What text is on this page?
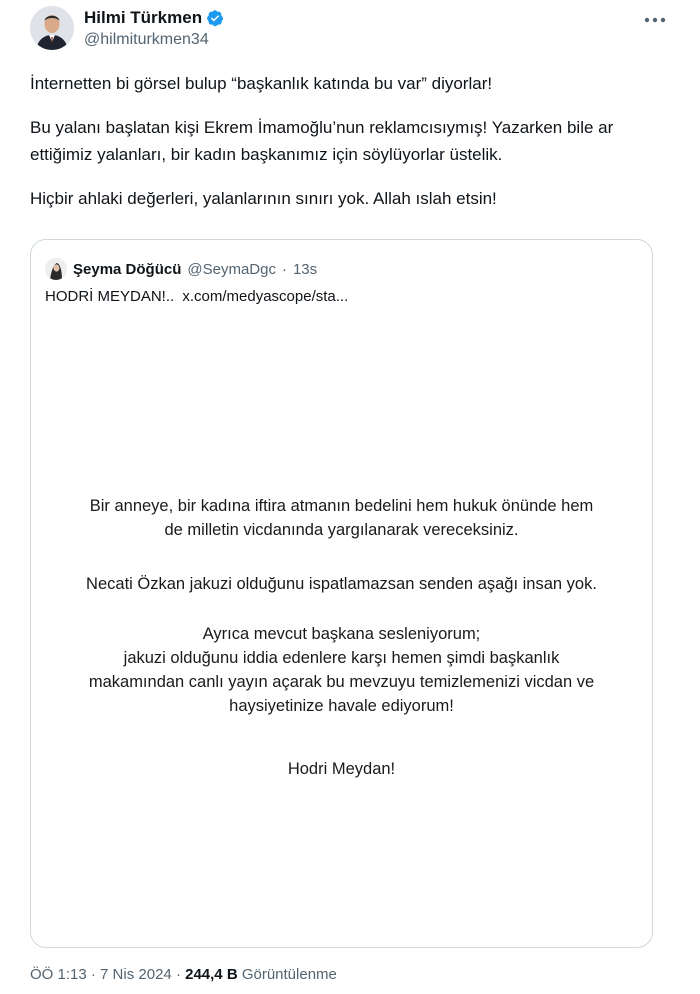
Hilmi Türkmen
@hilmiturkmen34

İnternetten bi görsel bulup “başkanlık katında bu var” diyorlar!

Bu yalanı başlatan kişi Ekrem İmamoğlu’nun reklamcısıymış! Yazarken bile ar ettiğimiz yalanları, bir kadın başkanımız için söylüyorlar üstelik.

Hiçbir ahlaki değerleri, yalanlarının sınırı yok. Allah ıslah etsin!

Şeyma Döğücü @SeymaDgc · 13s
HODRİ MEYDAN!.. x.com/medyascope/sta...
Bir anneye, bir kadına iftira atmanın bedelini hem hukuk önünde hem
de milletin vicdanında yargılanarak vereceksiniz.
Necati Özkan jakuzi olduğunu ispatlamazsan senden aşağı insan yok.
Ayrıca mevcut başkana sesleniyorum;
jakuzi olduğunu iddia edenlere karşı hemen şimdi başkanlık
makamından canlı yayın açarak bu mevzuyu temizlemenizi vicdan ve
haysiyetinize havale ediyorum!
Hodri Meydan!
ÖÖ 1:13 · 7 Nis 2024 · 244,4 B Görüntülenme
